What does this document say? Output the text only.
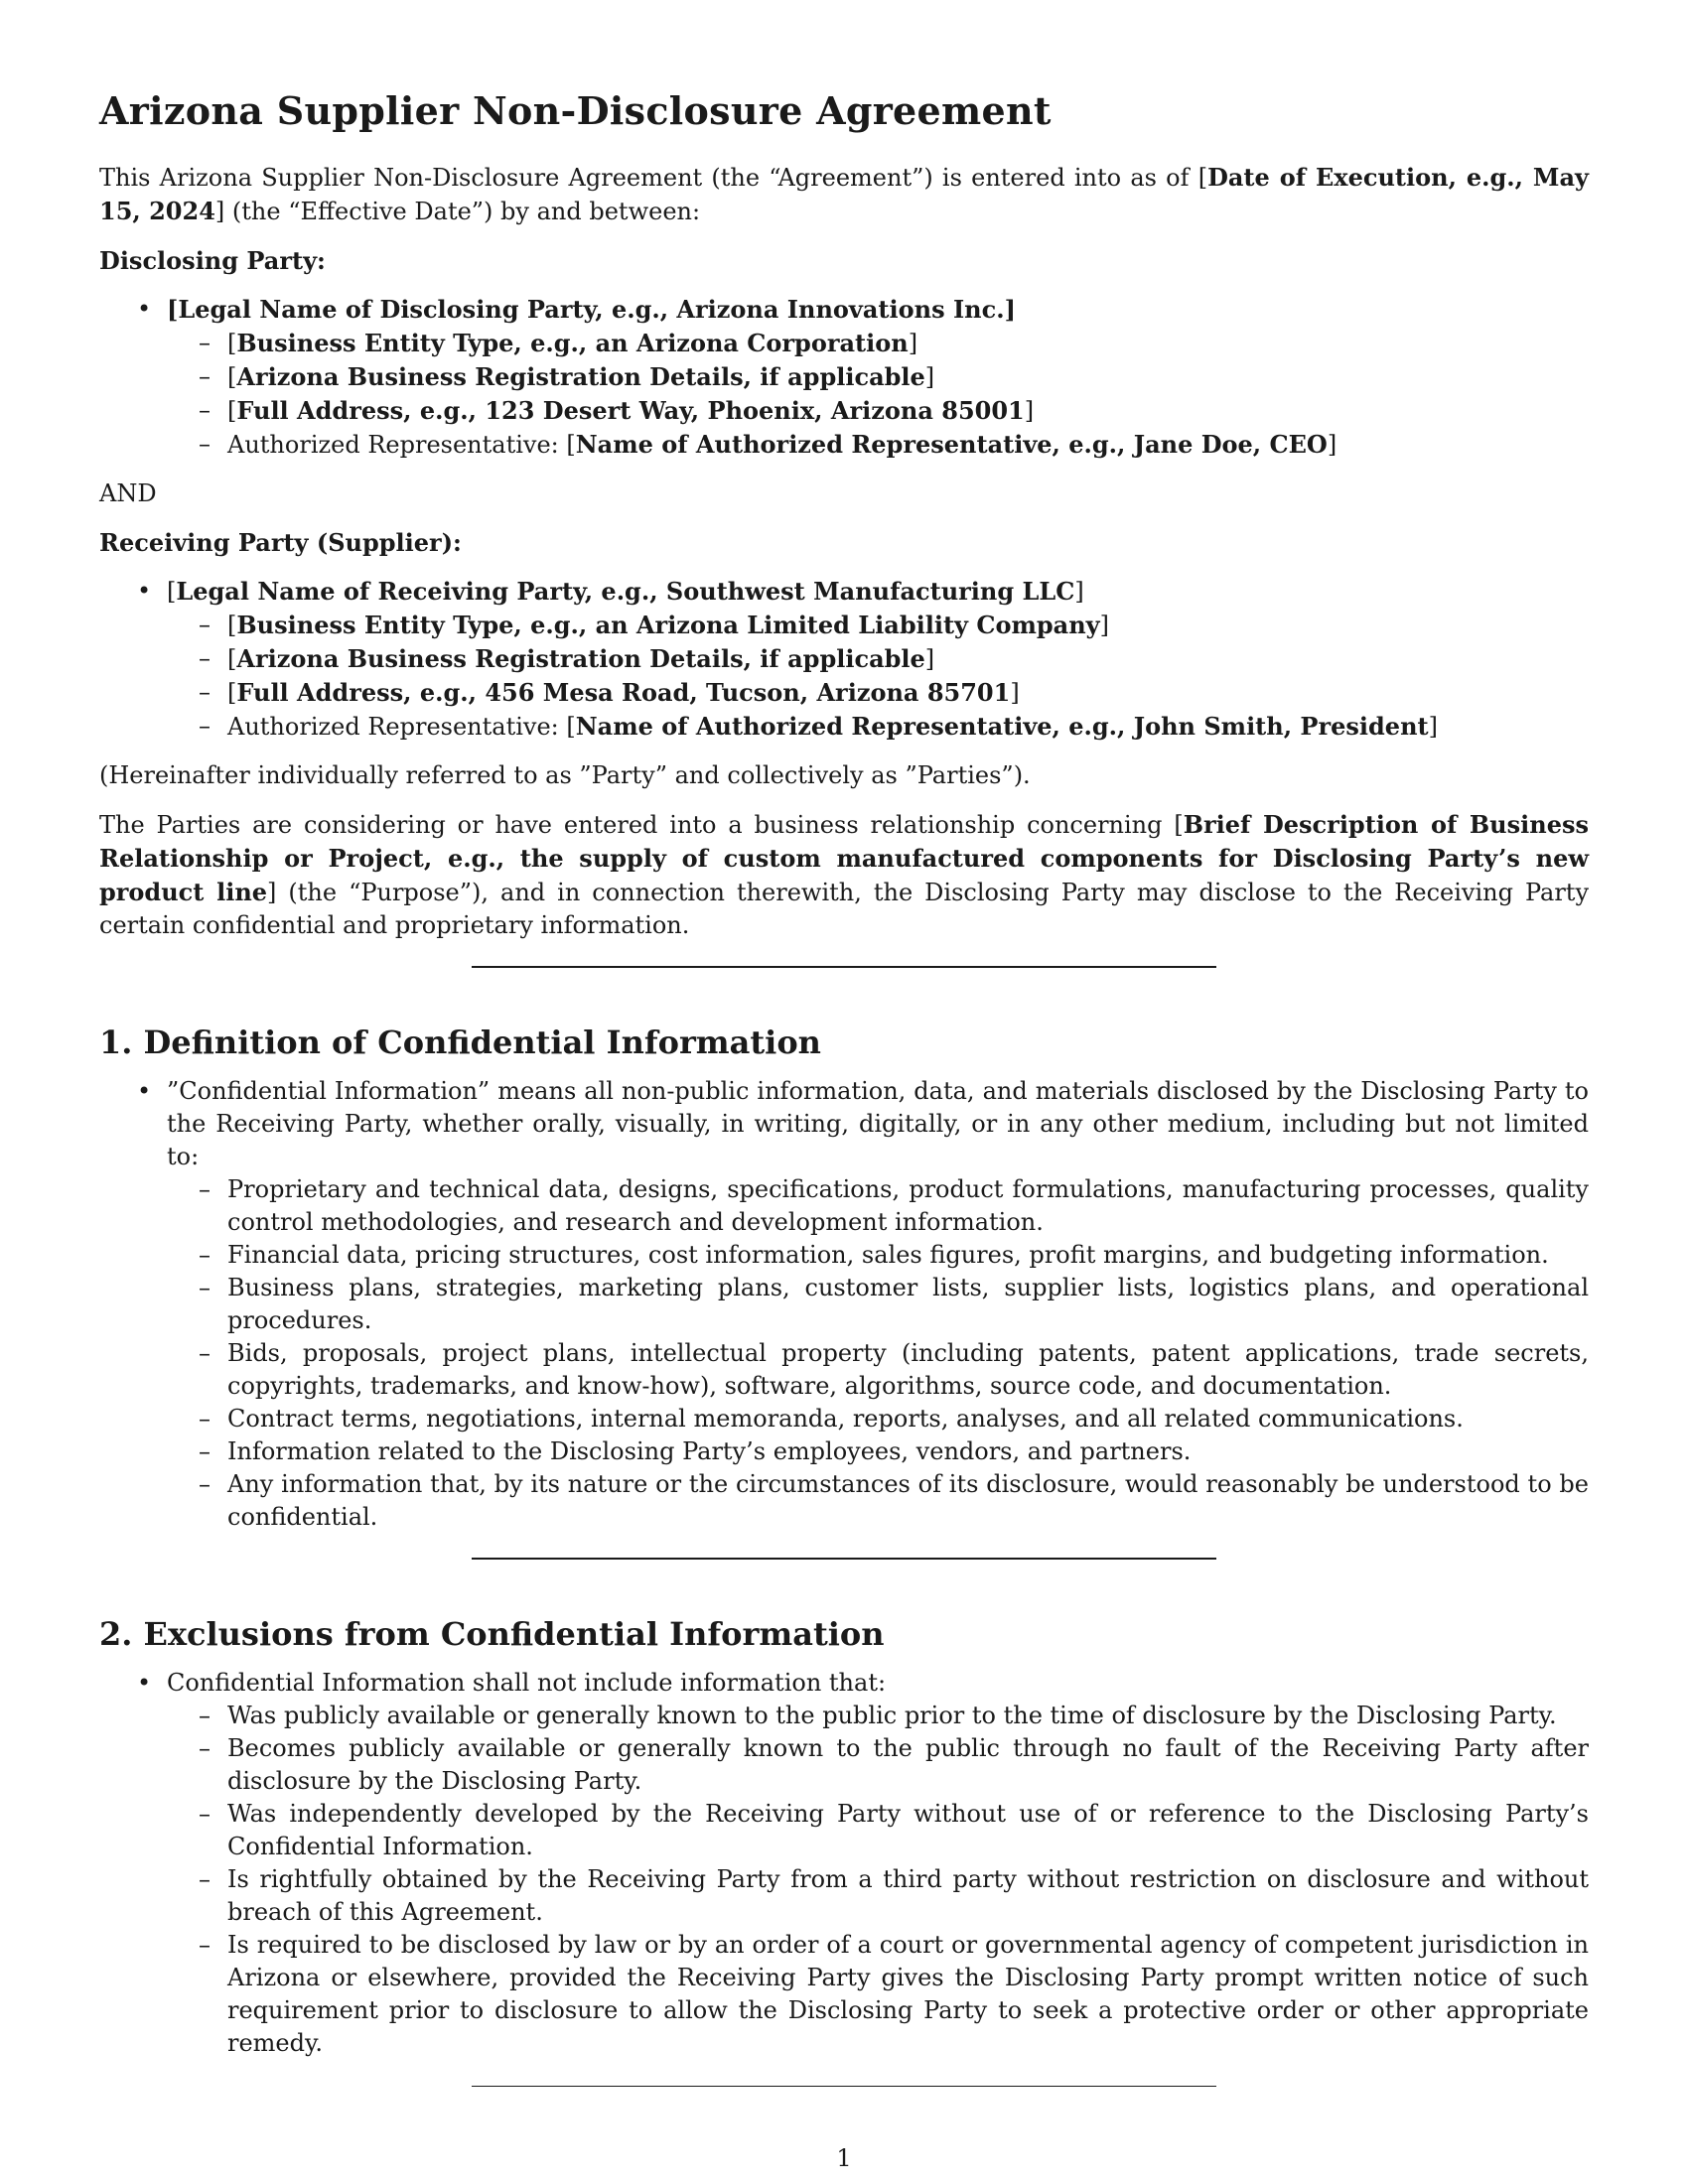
Arizona Supplier Non-Disclosure Agreement

This Arizona Supplier Non-Disclosure Agreement (the “Agreement”) is entered into as of [Date of Execution, e.g., May 15, 2024] (the “Effective Date”) by and between:

Disclosing Party:
• [Legal Name of Disclosing Party, e.g., Arizona Innovations Inc.]
– [Business Entity Type, e.g., an Arizona Corporation]
– [Arizona Business Registration Details, if applicable]
– [Full Address, e.g., 123 Desert Way, Phoenix, Arizona 85001]
– Authorized Representative: [Name of Authorized Representative, e.g., Jane Doe, CEO]

AND

Receiving Party (Supplier):
• [Legal Name of Receiving Party, e.g., Southwest Manufacturing LLC]
– [Business Entity Type, e.g., an Arizona Limited Liability Company]
– [Arizona Business Registration Details, if applicable]
– [Full Address, e.g., 456 Mesa Road, Tucson, Arizona 85701]
– Authorized Representative: [Name of Authorized Representative, e.g., John Smith, President]

(Hereinafter individually referred to as ”Party” and collectively as ”Parties”).

The Parties are considering or have entered into a business relationship concerning [Brief Description of Business Relationship or Project, e.g., the supply of custom manufactured components for Disclosing Party’s new product line] (the “Purpose”), and in connection therewith, the Disclosing Party may disclose to the Receiving Party certain confidential and proprietary information.

1. Definition of Confidential Information
• ”Confidential Information” means all non-public information, data, and materials disclosed by the Disclosing Party to the Receiving Party, whether orally, visually, in writing, digitally, or in any other medium, including but not limited to:
– Proprietary and technical data, designs, specifications, product formulations, manufacturing processes, quality control methodologies, and research and development information.
– Financial data, pricing structures, cost information, sales figures, profit margins, and budgeting information.
– Business plans, strategies, marketing plans, customer lists, supplier lists, logistics plans, and operational procedures.
– Bids, proposals, project plans, intellectual property (including patents, patent applications, trade secrets, copyrights, trademarks, and know-how), software, algorithms, source code, and documentation.
– Contract terms, negotiations, internal memoranda, reports, analyses, and all related communications.
– Information related to the Disclosing Party’s employees, vendors, and partners.
– Any information that, by its nature or the circumstances of its disclosure, would reasonably be understood to be confidential.
2. Exclusions from Confidential Information
• Confidential Information shall not include information that:
– Was publicly available or generally known to the public prior to the time of disclosure by the Disclosing Party.
– Becomes publicly available or generally known to the public through no fault of the Receiving Party after disclosure by the Disclosing Party.
– Was independently developed by the Receiving Party without use of or reference to the Disclosing Party’s Confidential Information.
– Is rightfully obtained by the Receiving Party from a third party without restriction on disclosure and without breach of this Agreement.
– Is required to be disclosed by law or by an order of a court or governmental agency of competent jurisdiction in Arizona or elsewhere, provided the Receiving Party gives the Disclosing Party prompt written notice of such requirement prior to disclosure to allow the Disclosing Party to seek a protective order or other appropriate remedy.
1
